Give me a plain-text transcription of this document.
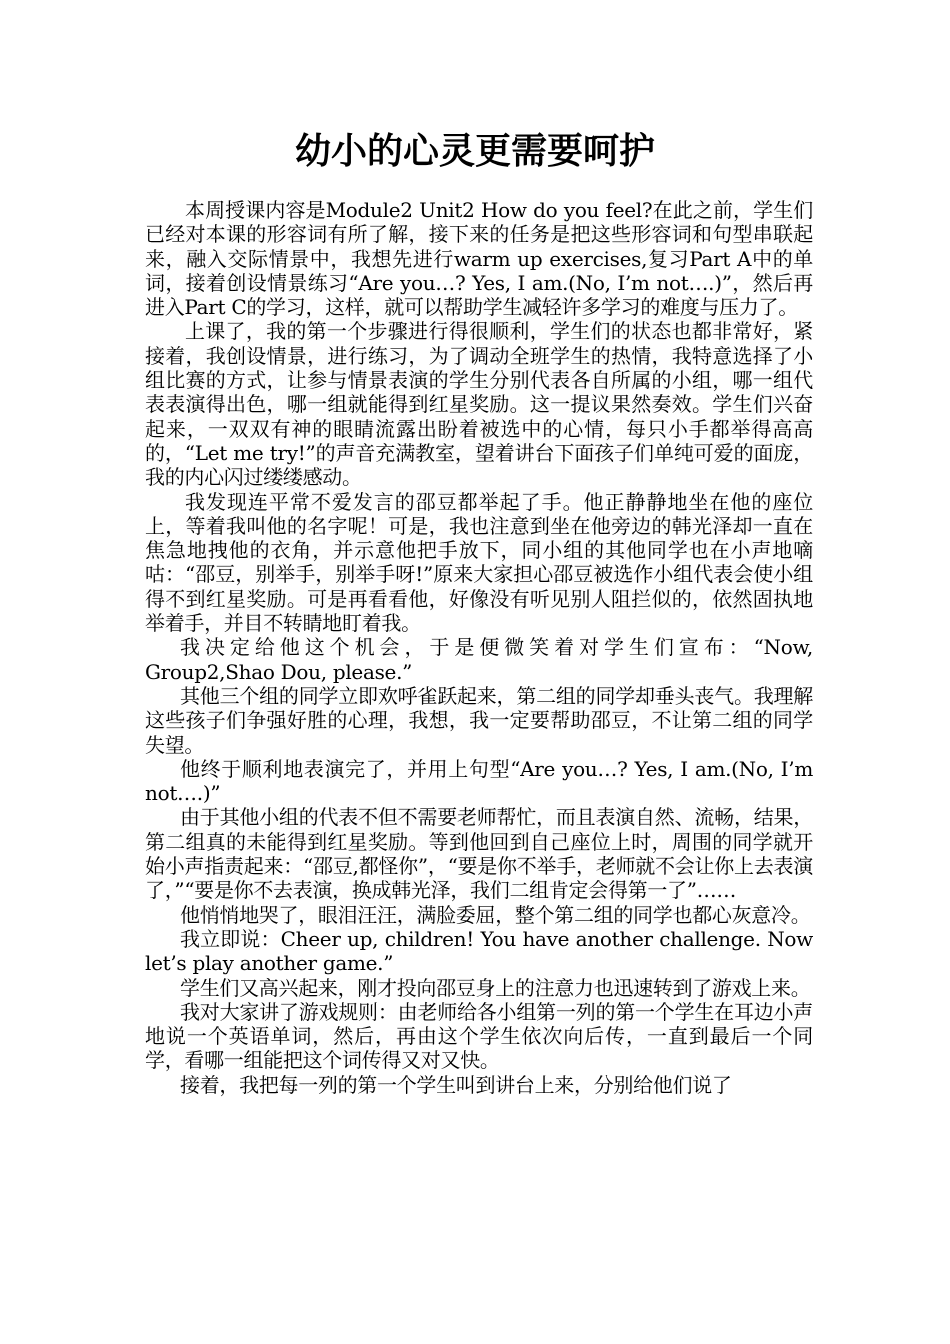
幼小的心灵更需要呵护

本周授课内容是Module2 Unit2 How do you feel?在此之前，学生们已经对本课的形容词有所了解，接下来的任务是把这些形容词和句型串联起来，融入交际情景中，我想先进行warm up exercises,复习Part A中的单词，接着创设情景练习“Are you…? Yes, I am.(No, I’m not….)”，然后再进入Part C的学习，这样，就可以帮助学生减轻许多学习的难度与压力了。

上课了，我的第一个步骤进行得很顺利，学生们的状态也都非常好，紧接着，我创设情景，进行练习，为了调动全班学生的热情，我特意选择了小组比赛的方式，让参与情景表演的学生分别代表各自所属的小组，哪一组代表表演得出色，哪一组就能得到红星奖励。这一提议果然奏效。学生们兴奋起来，一双双有神的眼睛流露出盼着被选中的心情，每只小手都举得高高的，“Let me try!”的声音充满教室，望着讲台下面孩子们单纯可爱的面庞，我的内心闪过缕缕感动。

我发现连平常不爱发言的邵豆都举起了手。他正静静地坐在他的座位上，等着我叫他的名字呢！可是，我也注意到坐在他旁边的韩光泽却一直在焦急地拽他的衣角，并示意他把手放下，同小组的其他同学也在小声地嘀咕：“邵豆，别举手，别举手呀!”原来大家担心邵豆被选作小组代表会使小组得不到红星奖励。可是再看看他，好像没有听见别人阻拦似的，依然固执地举着手，并目不转睛地盯着我。

我决定给他这个机会，于是便微笑着对学生们宣布：“Now, Group2,Shao Dou, please.”

其他三个组的同学立即欢呼雀跃起来，第二组的同学却垂头丧气。我理解这些孩子们争强好胜的心理，我想，我一定要帮助邵豆，不让第二组的同学失望。

他终于顺利地表演完了，并用上句型“Are you…? Yes, I am.(No, I’m not….)”

由于其他小组的代表不但不需要老师帮忙，而且表演自然、流畅，结果，第二组真的未能得到红星奖励。等到他回到自己座位上时，周围的同学就开始小声指责起来：“邵豆,都怪你”，“要是你不举手，老师就不会让你上去表演了，”“要是你不去表演，换成韩光泽，我们二组肯定会得第一了”……

他悄悄地哭了，眼泪汪汪，满脸委屈，整个第二组的同学也都心灰意冷。

我立即说：Cheer up, children! You have another challenge. Now let’s play another game.”

学生们又高兴起来，刚才投向邵豆身上的注意力也迅速转到了游戏上来。

我对大家讲了游戏规则：由老师给各小组第一列的第一个学生在耳边小声地说一个英语单词，然后，再由这个学生依次向后传，一直到最后一个同学，看哪一组能把这个词传得又对又快。

接着，我把每一列的第一个学生叫到讲台上来，分别给他们说了
